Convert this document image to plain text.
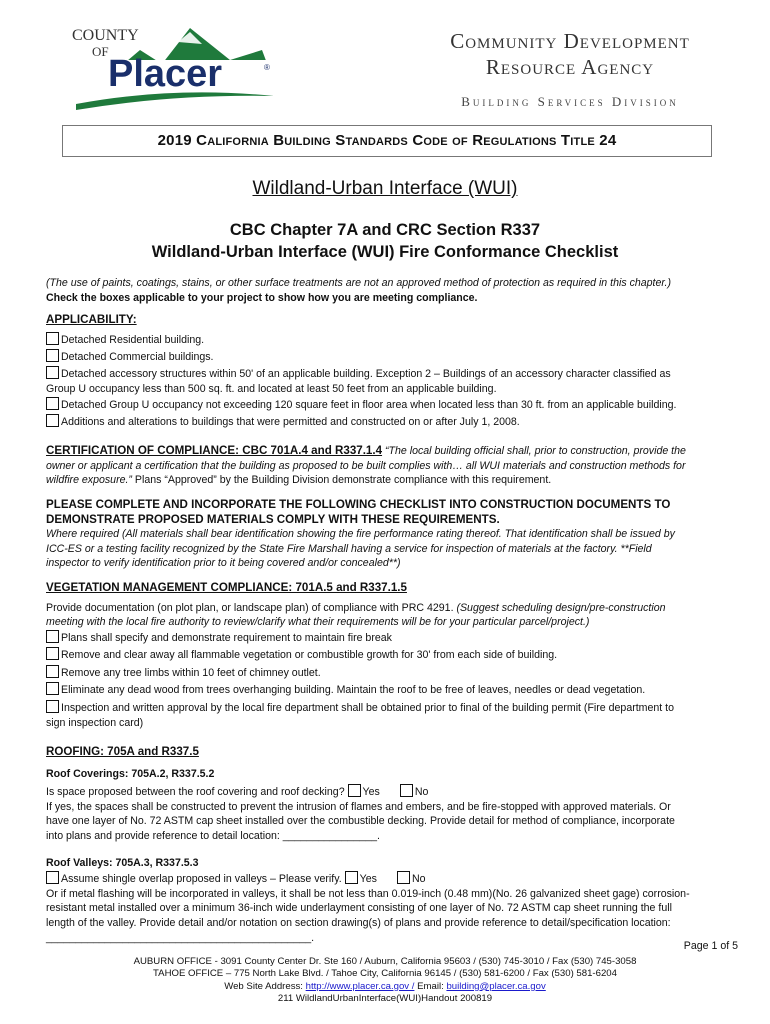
COUNTY
OF
Placer	®
Community Development
Resource Agency
Building Services Division
2019 California Building Standards Code of Regulations Title 24
Wildland-Urban Interface (WUI)
CBC Chapter 7A and CRC Section R337
Wildland-Urban Interface (WUI) Fire Conformance Checklist
(The use of paints, coatings, stains, or other surface treatments are not an approved method of protection as required in this chapter.)
Check the boxes applicable to your project to show how you are meeting compliance.
APPLICABILITY:
Detached Residential building.
Detached Commercial buildings.
Detached accessory structures within 50' of an applicable building. Exception 2 – Buildings of an accessory character classified as
Group U occupancy less than 500 sq. ft. and located at least 50 feet from an applicable building.
Detached Group U occupancy not exceeding 120 square feet in floor area when located less than 30 ft. from an applicable building.
Additions and alterations to buildings that were permitted and constructed on or after July 1, 2008.
CERTIFICATION OF COMPLIANCE: CBC 701A.4 and R337.1.4 “The local building official shall, prior to construction, provide the
owner or applicant a certification that the building as proposed to be built complies with… all WUI materials and construction methods for
wildfire exposure.” Plans “Approved” by the Building Division demonstrate compliance with this requirement.
PLEASE COMPLETE AND INCORPORATE THE FOLLOWING CHECKLIST INTO CONSTRUCTION DOCUMENTS TO
DEMONSTRATE PROPOSED MATERIALS COMPLY WITH THESE REQUIREMENTS.
Where required (All materials shall bear identification showing the fire performance rating thereof. That identification shall be issued by
ICC-ES or a testing facility recognized by the State Fire Marshall having a service for inspection of materials at the factory. **Field
inspector to verify identification prior to it being covered and/or concealed**)
VEGETATION MANAGEMENT COMPLIANCE: 701A.5 and R337.1.5
Provide documentation (on plot plan, or landscape plan) of compliance with PRC 4291. (Suggest scheduling design/pre-construction
meeting with the local fire authority to review/clarify what their requirements will be for your particular parcel/project.)
Plans shall specify and demonstrate requirement to maintain fire break
Remove and clear away all flammable vegetation or combustible growth for 30' from each side of building.
Remove any tree limbs within 10 feet of chimney outlet.
Eliminate any dead wood from trees overhanging building. Maintain the roof to be free of leaves, needles or dead vegetation.
Inspection and written approval by the local fire department shall be obtained prior to final of the building permit (Fire department to
sign inspection card)
ROOFING: 705A and R337.5
Roof Coverings: 705A.2, R337.5.2
Is space proposed between the roof covering and roof decking? Yes	No
If yes, the spaces shall be constructed to prevent the intrusion of flames and embers, and be fire-stopped with approved materials. Or
have one layer of No. 72 ASTM cap sheet installed over the combustible decking. Provide detail for method of compliance, incorporate
into plans and provide reference to detail location: ________________.
Roof Valleys: 705A.3, R337.5.3
Assume shingle overlap proposed in valleys – Please verify. Yes	No
Or if metal flashing will be incorporated in valleys, it shall be not less than 0.019-inch (0.48 mm)(No. 26 galvanized sheet gage) corrosion-
resistant metal installed over a minimum 36-inch wide underlayment consisting of one layer of No. 72 ASTM cap sheet running the full
length of the valley. Provide detail and/or notation on section drawing(s) of plans and provide reference to detail/specification location:
_____________________________________________.
Page 1 of 5
AUBURN OFFICE - 3091 County Center Dr. Ste 160 / Auburn, California 95603 / (530) 745-3010 / Fax (530) 745-3058
TAHOE OFFICE – 775 North Lake Blvd. / Tahoe City, California 96145 / (530) 581-6200 / Fax (530) 581-6204
Web Site Address: http://www.placer.ca.gov / Email: building@placer.ca.gov
211 WildlandUrbanInterface(WUI)Handout 200819
